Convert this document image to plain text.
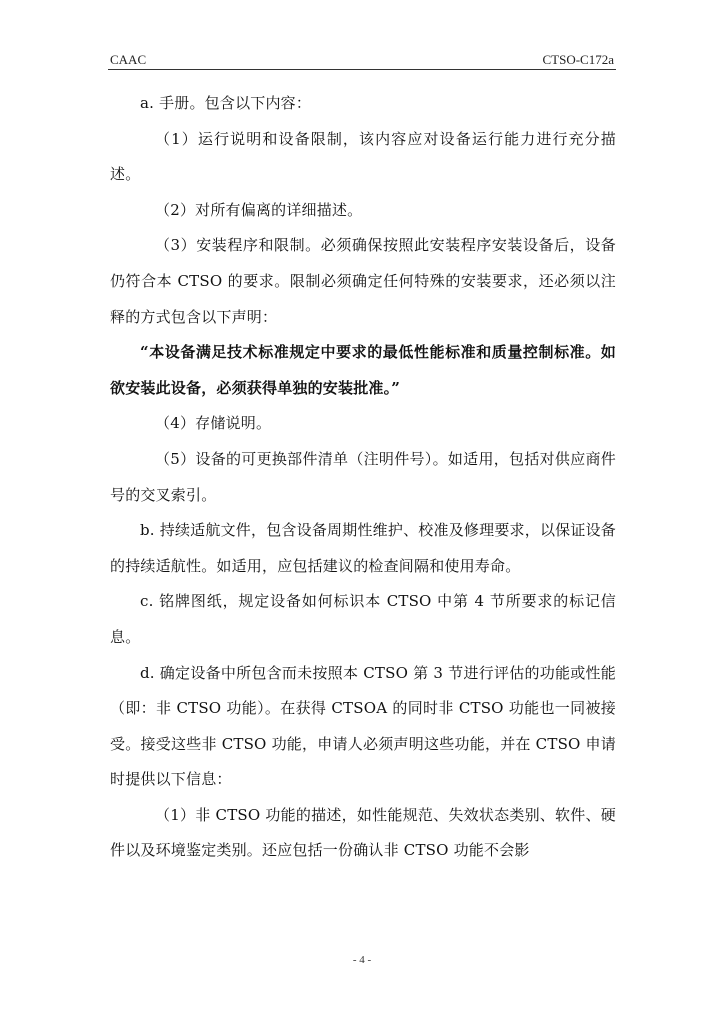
CAAC	CTSO-C172a

a. 手册。包含以下内容：

（1）运行说明和设备限制，该内容应对设备运行能力进行充分描述。

（2）对所有偏离的详细描述。

（3）安装程序和限制。必须确保按照此安装程序安装设备后，设备仍符合本 CTSO 的要求。限制必须确定任何特殊的安装要求，还必须以注释的方式包含以下声明：

“本设备满足技术标准规定中要求的最低性能标准和质量控制标准。如欲安装此设备，必须获得单独的安装批准。”

（4）存储说明。

（5）设备的可更换部件清单（注明件号）。如适用，包括对供应商件号的交叉索引。

b. 持续适航文件，包含设备周期性维护、校准及修理要求，以保证设备的持续适航性。如适用，应包括建议的检查间隔和使用寿命。

c. 铭牌图纸，规定设备如何标识本 CTSO 中第 4 节所要求的标记信息。

d. 确定设备中所包含而未按照本 CTSO 第 3 节进行评估的功能或性能（即：非 CTSO 功能）。在获得 CTSOA 的同时非 CTSO 功能也一同被接受。接受这些非 CTSO 功能，申请人必须声明这些功能，并在 CTSO 申请时提供以下信息：

（1）非 CTSO 功能的描述，如性能规范、失效状态类别、软件、硬件以及环境鉴定类别。还应包括一份确认非 CTSO 功能不会影

- 4 -
